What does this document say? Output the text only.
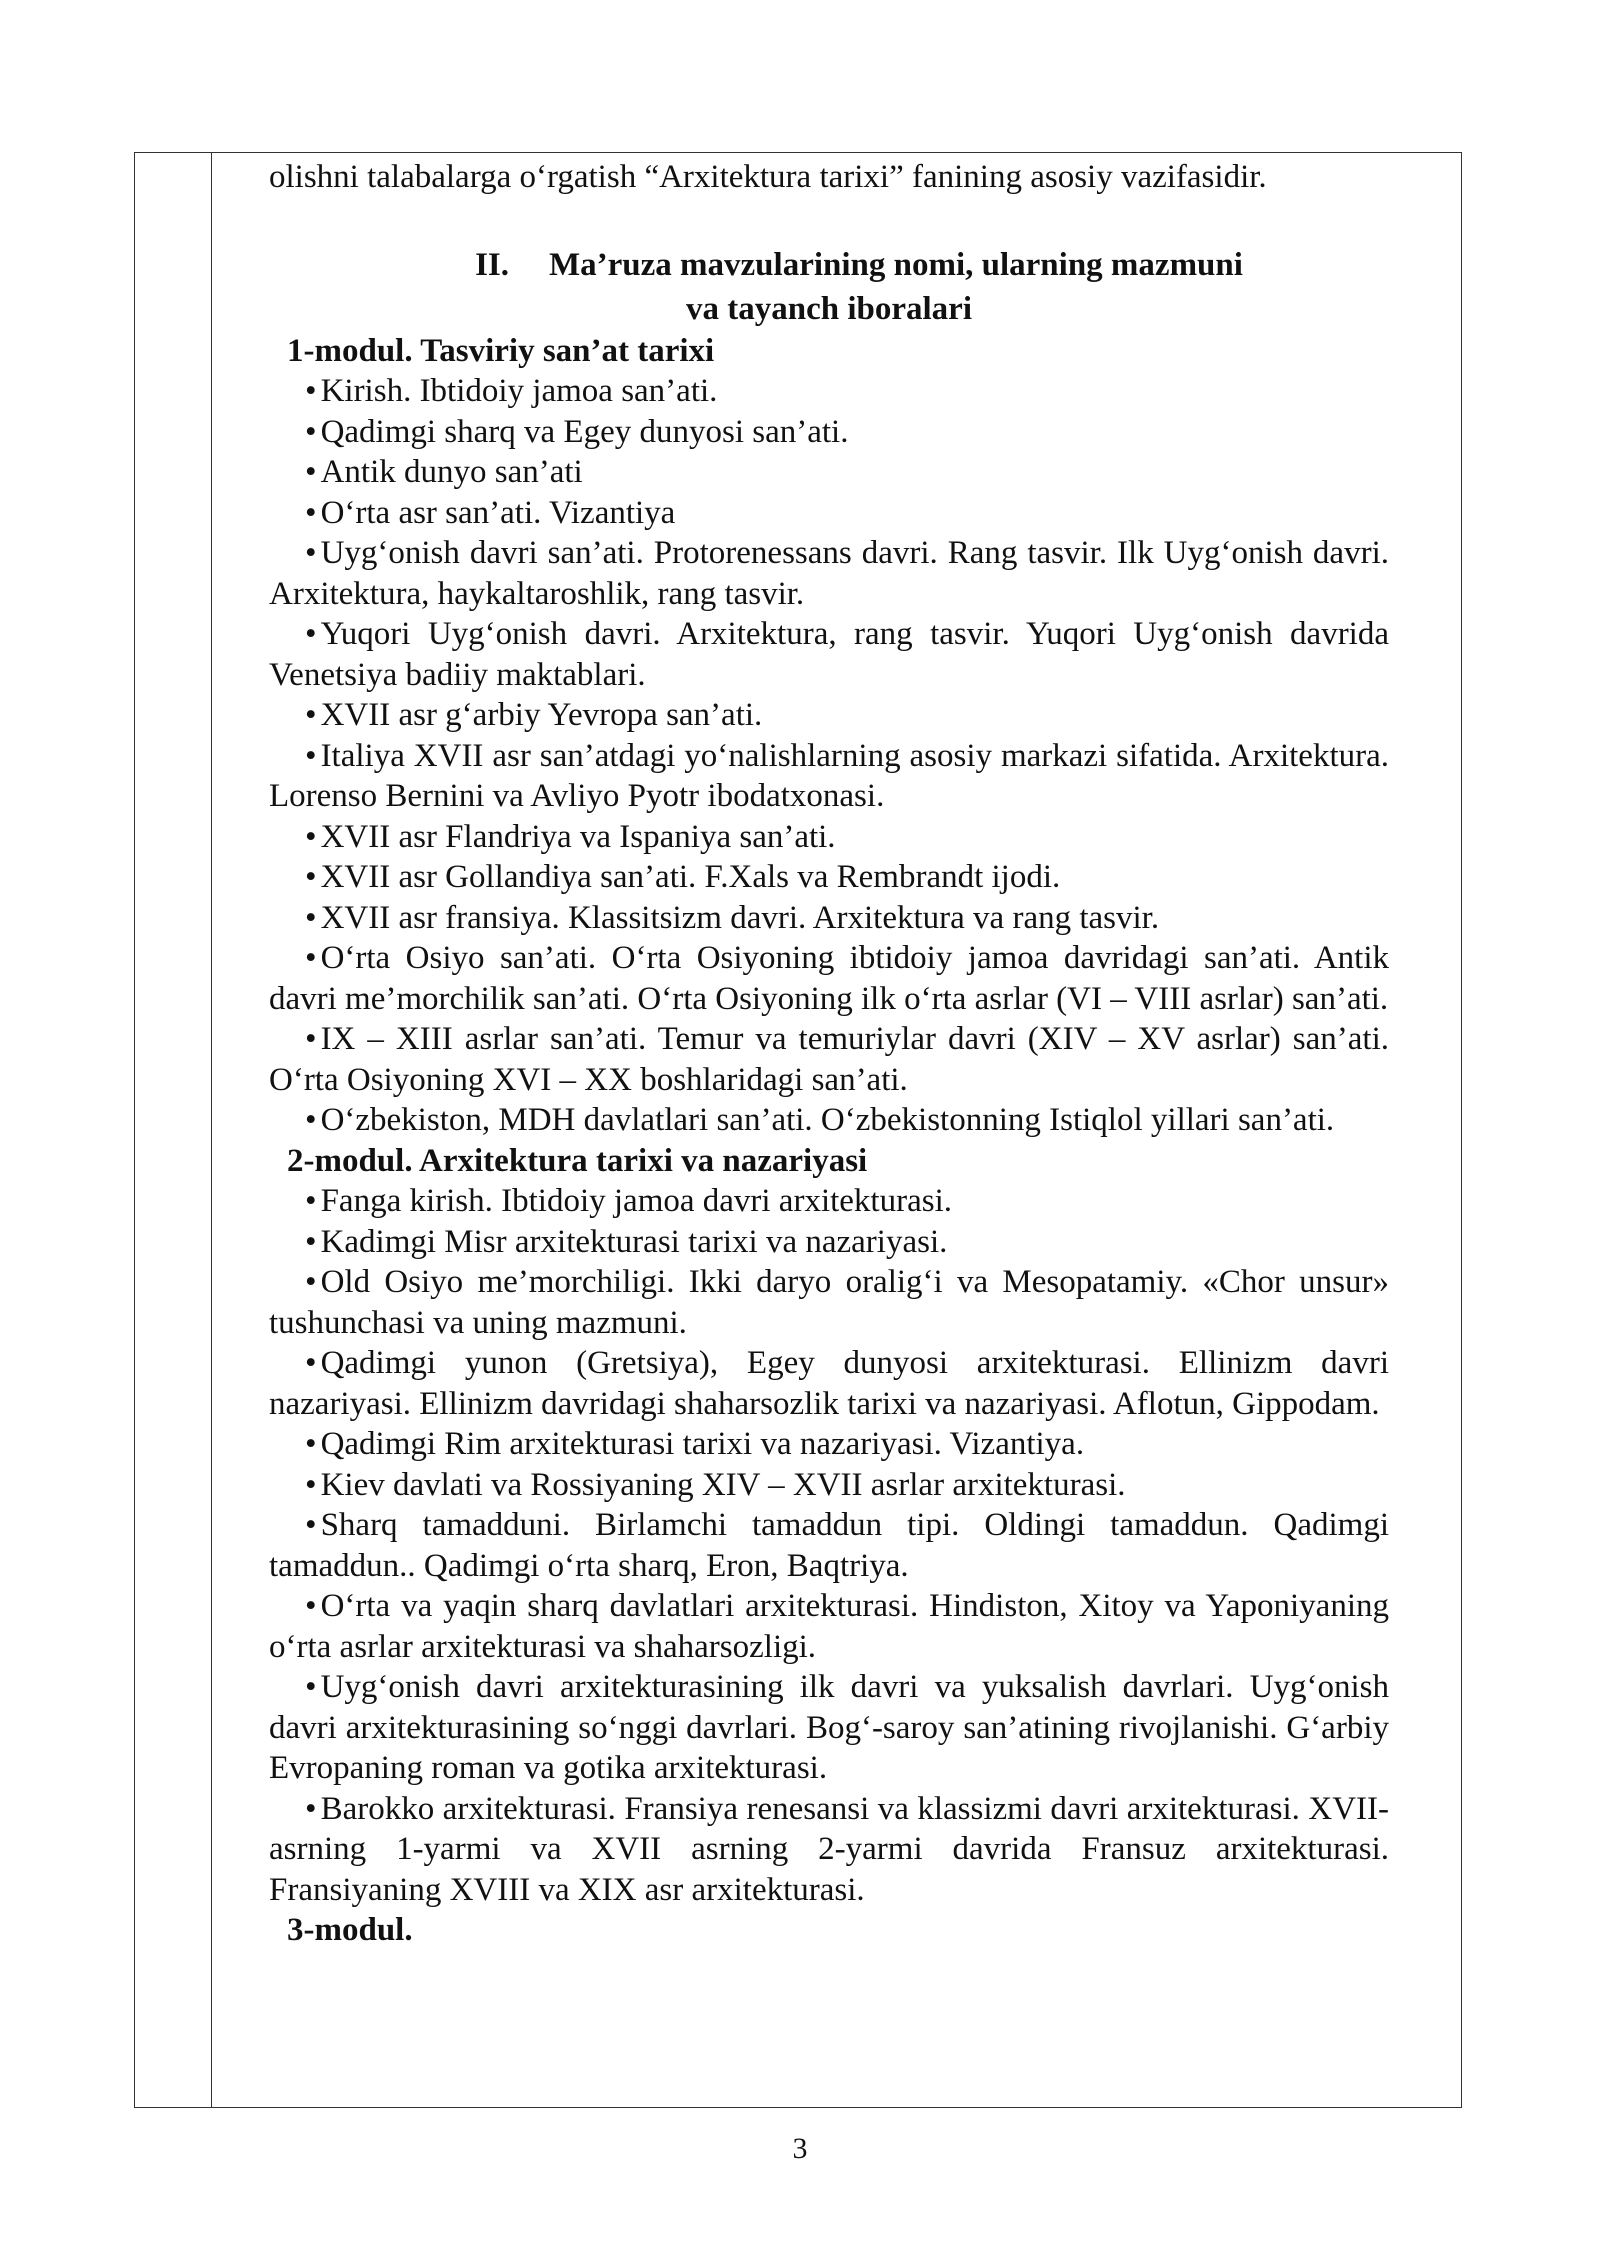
olishni talabalarga o‘rgatish “Arxitektura tarixi” fanining asosiy vazifasidir.
II. Ma’ruza mavzularining nomi, ularning mazmuni
va tayanch iboralari
1-modul. Tasviriy san’at tarixi
• Kirish. Ibtidoiy jamoa san’ati.
• Qadimgi sharq va Egey dunyosi san’ati.
• Antik dunyo san’ati
• O‘rta asr san’ati. Vizantiya
• Uyg‘onish davri san’ati. Protorenessans davri. Rang tasvir. Ilk Uyg‘onish davri. Arxitektura, haykaltaroshlik, rang tasvir.
• Yuqori Uyg‘onish davri. Arxitektura, rang tasvir. Yuqori Uyg‘onish davrida Venetsiya badiiy maktablari.
• XVII asr g‘arbiy Yevropa san’ati.
• Italiya XVII asr san’atdagi yo‘nalishlarning asosiy markazi sifatida. Arxitektura. Lorenso Bernini va Avliyo Pyotr ibodatxonasi.
• XVII asr Flandriya va Ispaniya san’ati.
• XVII asr Gollandiya san’ati. F.Xals va Rembrandt ijodi.
• XVII asr fransiya. Klassitsizm davri. Arxitektura va rang tasvir.
• O‘rta Osiyo san’ati. O‘rta Osiyoning ibtidoiy jamoa davridagi san’ati. Antik davri me’morchilik san’ati. O‘rta Osiyoning ilk o‘rta asrlar (VI – VIII asrlar) san’ati.
• IX – XIII asrlar san’ati. Temur va temuriylar davri (XIV – XV asrlar) san’ati. O‘rta Osiyoning XVI – XX boshlaridagi san’ati.
• O‘zbekiston, MDH davlatlari san’ati. O‘zbekistonning Istiqlol yillari san’ati.
2-modul. Arxitektura tarixi va nazariyasi
• Fanga kirish. Ibtidoiy jamoa davri arxitekturasi.
• Kadimgi Misr arxitekturasi tarixi va nazariyasi.
• Old Osiyo me’morchiligi. Ikki daryo oralig‘i va Mesopatamiy. «Chor unsur» tushunchasi va uning mazmuni.
• Qadimgi yunon (Gretsiya), Egey dunyosi arxitekturasi. Ellinizm davri nazariyasi. Ellinizm davridagi shaharsozlik tarixi va nazariyasi. Aflotun, Gippodam.
• Qadimgi Rim arxitekturasi tarixi va nazariyasi. Vizantiya.
• Kiev davlati va Rossiyaning XIV – XVII asrlar arxitekturasi.
• Sharq tamadduni. Birlamchi tamaddun tipi. Oldingi tamaddun. Qadimgi tamaddun.. Qadimgi o‘rta sharq, Eron, Baqtriya.
• O‘rta va yaqin sharq davlatlari arxitekturasi. Hindiston, Xitoy va Yaponiyaning o‘rta asrlar arxitekturasi va shaharsozligi.
• Uyg‘onish davri arxitekturasining ilk davri va yuksalish davrlari. Uyg‘onish davri arxitekturasining so‘nggi davrlari. Bog‘-saroy san’atining rivojlanishi. G‘arbiy Evropaning roman va gotika arxitekturasi.
• Barokko arxitekturasi. Fransiya renesansi va klassizmi davri arxitekturasi. XVII- asrning 1-yarmi va XVII asrning 2-yarmi davrida Fransuz arxitekturasi. Fransiyaning XVIII va XIX asr arxitekturasi.
3-modul.
3
